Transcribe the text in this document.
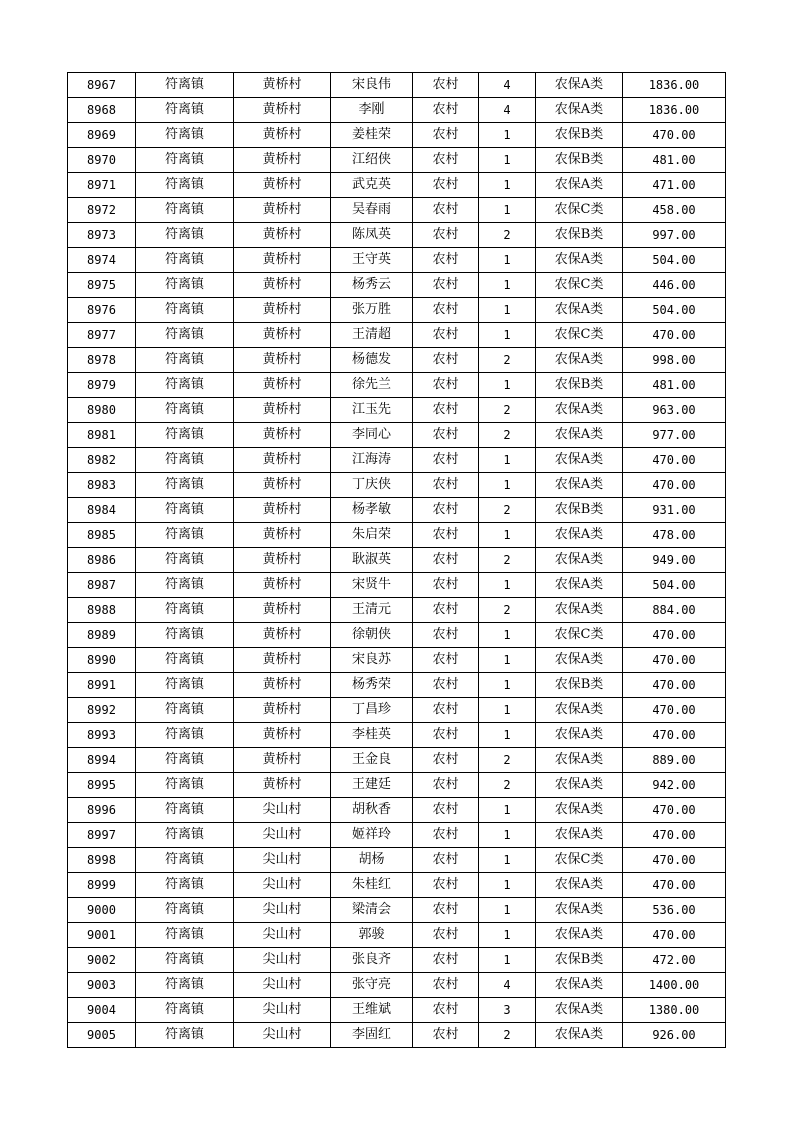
8967	符离镇	黄桥村	宋良伟	农村	4	农保A类	1836.00
8968	符离镇	黄桥村	李刚	农村	4	农保A类	1836.00
8969	符离镇	黄桥村	姜桂荣	农村	1	农保B类	470.00
8970	符离镇	黄桥村	江绍侠	农村	1	农保B类	481.00
8971	符离镇	黄桥村	武克英	农村	1	农保A类	471.00
8972	符离镇	黄桥村	吴春雨	农村	1	农保C类	458.00
8973	符离镇	黄桥村	陈凤英	农村	2	农保B类	997.00
8974	符离镇	黄桥村	王守英	农村	1	农保A类	504.00
8975	符离镇	黄桥村	杨秀云	农村	1	农保C类	446.00
8976	符离镇	黄桥村	张万胜	农村	1	农保A类	504.00
8977	符离镇	黄桥村	王清超	农村	1	农保C类	470.00
8978	符离镇	黄桥村	杨德发	农村	2	农保A类	998.00
8979	符离镇	黄桥村	徐先兰	农村	1	农保B类	481.00
8980	符离镇	黄桥村	江玉先	农村	2	农保A类	963.00
8981	符离镇	黄桥村	李同心	农村	2	农保A类	977.00
8982	符离镇	黄桥村	江海涛	农村	1	农保A类	470.00
8983	符离镇	黄桥村	丁庆侠	农村	1	农保A类	470.00
8984	符离镇	黄桥村	杨孝敏	农村	2	农保B类	931.00
8985	符离镇	黄桥村	朱启荣	农村	1	农保A类	478.00
8986	符离镇	黄桥村	耿淑英	农村	2	农保A类	949.00
8987	符离镇	黄桥村	宋贤牛	农村	1	农保A类	504.00
8988	符离镇	黄桥村	王清元	农村	2	农保A类	884.00
8989	符离镇	黄桥村	徐朝侠	农村	1	农保C类	470.00
8990	符离镇	黄桥村	宋良苏	农村	1	农保A类	470.00
8991	符离镇	黄桥村	杨秀荣	农村	1	农保B类	470.00
8992	符离镇	黄桥村	丁昌珍	农村	1	农保A类	470.00
8993	符离镇	黄桥村	李桂英	农村	1	农保A类	470.00
8994	符离镇	黄桥村	王金良	农村	2	农保A类	889.00
8995	符离镇	黄桥村	王建廷	农村	2	农保A类	942.00
8996	符离镇	尖山村	胡秋香	农村	1	农保A类	470.00
8997	符离镇	尖山村	姬祥玲	农村	1	农保A类	470.00
8998	符离镇	尖山村	胡杨	农村	1	农保C类	470.00
8999	符离镇	尖山村	朱桂红	农村	1	农保A类	470.00
9000	符离镇	尖山村	梁清会	农村	1	农保A类	536.00
9001	符离镇	尖山村	郭骏	农村	1	农保A类	470.00
9002	符离镇	尖山村	张良齐	农村	1	农保B类	472.00
9003	符离镇	尖山村	张守亮	农村	4	农保A类	1400.00
9004	符离镇	尖山村	王维斌	农村	3	农保A类	1380.00
9005	符离镇	尖山村	李固红	农村	2	农保A类	926.00
